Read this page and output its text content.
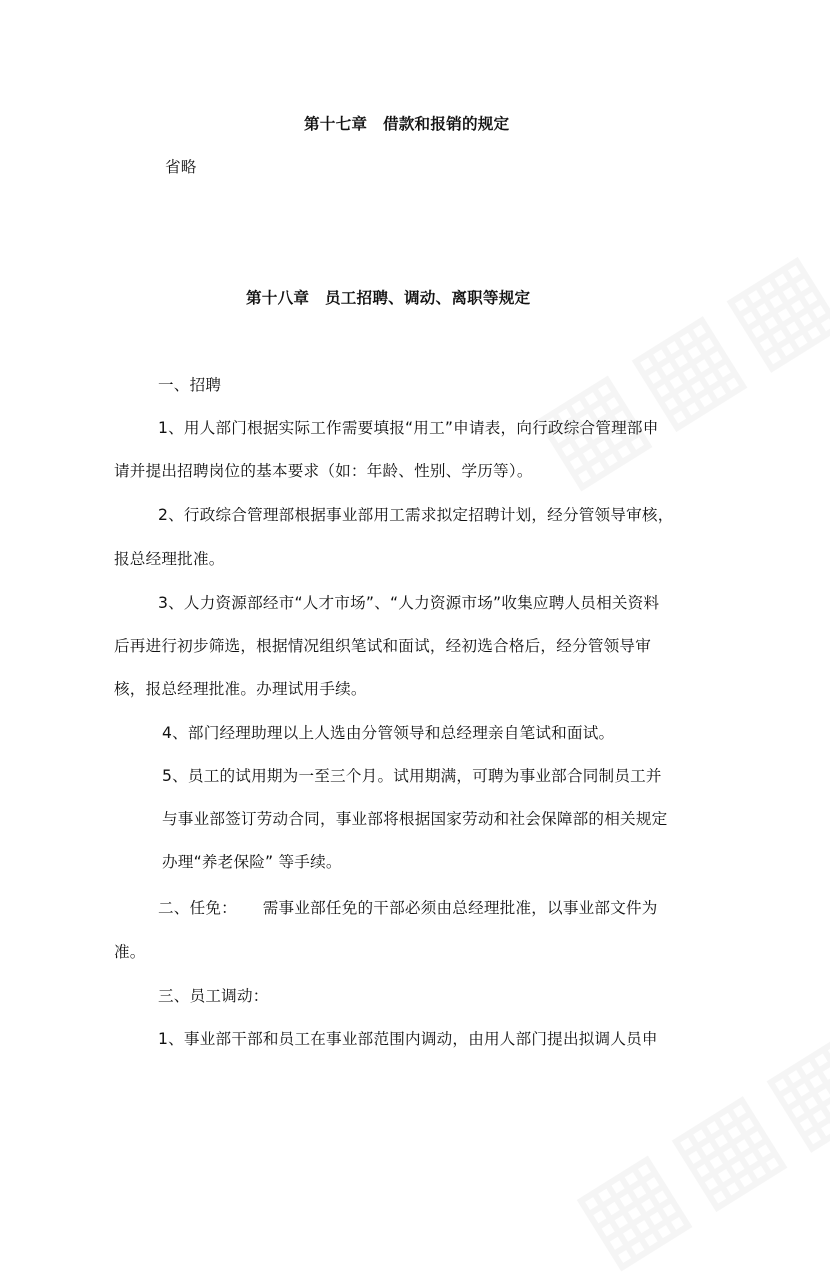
第十七章　借款和报销的规定

省略

第十八章　员工招聘、调动、离职等规定

一、招聘

1、用人部门根据实际工作需要填报“用工”申请表，向行政综合管理部申

请并提出招聘岗位的基本要求（如：年龄、性别、学历等）。

2、行政综合管理部根据事业部用工需求拟定招聘计划，经分管领导审核，

报总经理批准。

3、人力资源部经市“人才市场”、“人力资源市场”收集应聘人员相关资料

后再进行初步筛选，根据情况组织笔试和面试，经初选合格后，经分管领导审

核，报总经理批准。办理试用手续。

4、部门经理助理以上人选由分管领导和总经理亲自笔试和面试。

5、员工的试用期为一至三个月。试用期满，可聘为事业部合同制员工并

与事业部签订劳动合同，事业部将根据国家劳动和社会保障部的相关规定

办理“养老保险” 等手续。

二、任免：     需事业部任免的干部必须由总经理批准，以事业部文件为

准。

三、员工调动：

1、事业部干部和员工在事业部范围内调动，由用人部门提出拟调人员申
